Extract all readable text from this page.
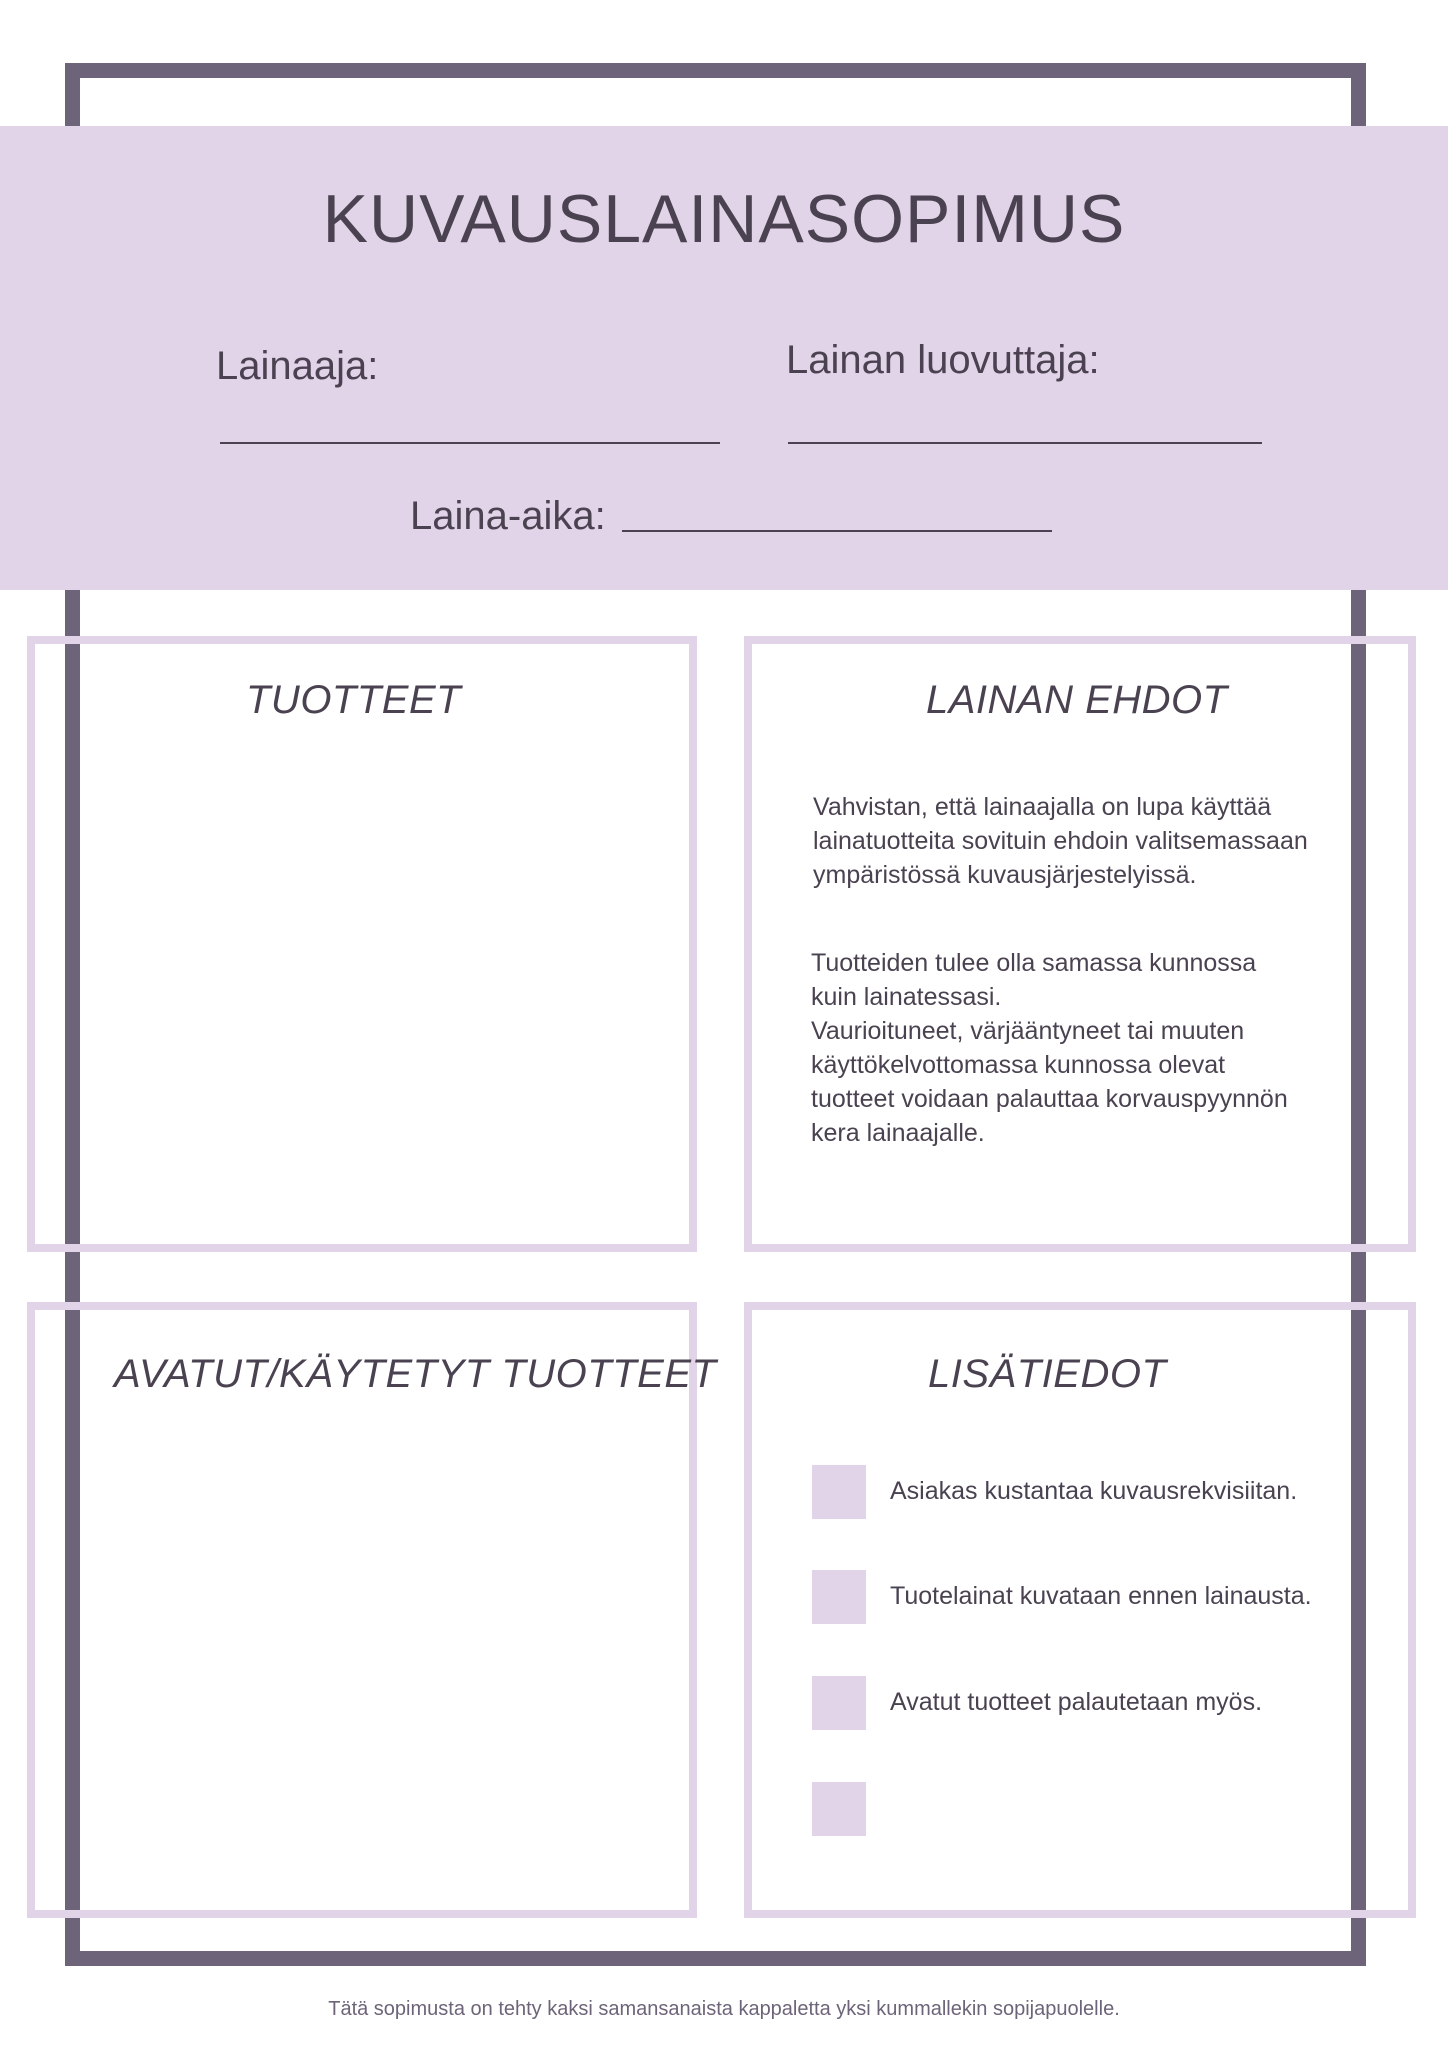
KUVAUSLAINASOPIMUS
Lainaaja:	Lainan luovuttaja:
Laina-aika:
TUOTTEET	LAINAN EHDOT
Vahvistan, että lainaajalla on lupa käyttää
lainatuotteita sovituin ehdoin valitsemassaan
ympäristössä kuvausjärjestelyissä.
Tuotteiden tulee olla samassa kunnossa
kuin lainatessasi.
Vaurioituneet, värjääntyneet tai muuten
käyttökelvottomassa kunnossa olevat
tuotteet voidaan palauttaa korvauspyynnön
kera lainaajalle.
AVATUT/KÄYTETYT TUOTTEET	LISÄTIEDOT
Asiakas kustantaa kuvausrekvisiitan.
Tuotelainat kuvataan ennen lainausta.
Avatut tuotteet palautetaan myös.
Tätä sopimusta on tehty kaksi samansanaista kappaletta yksi kummallekin sopijapuolelle.
